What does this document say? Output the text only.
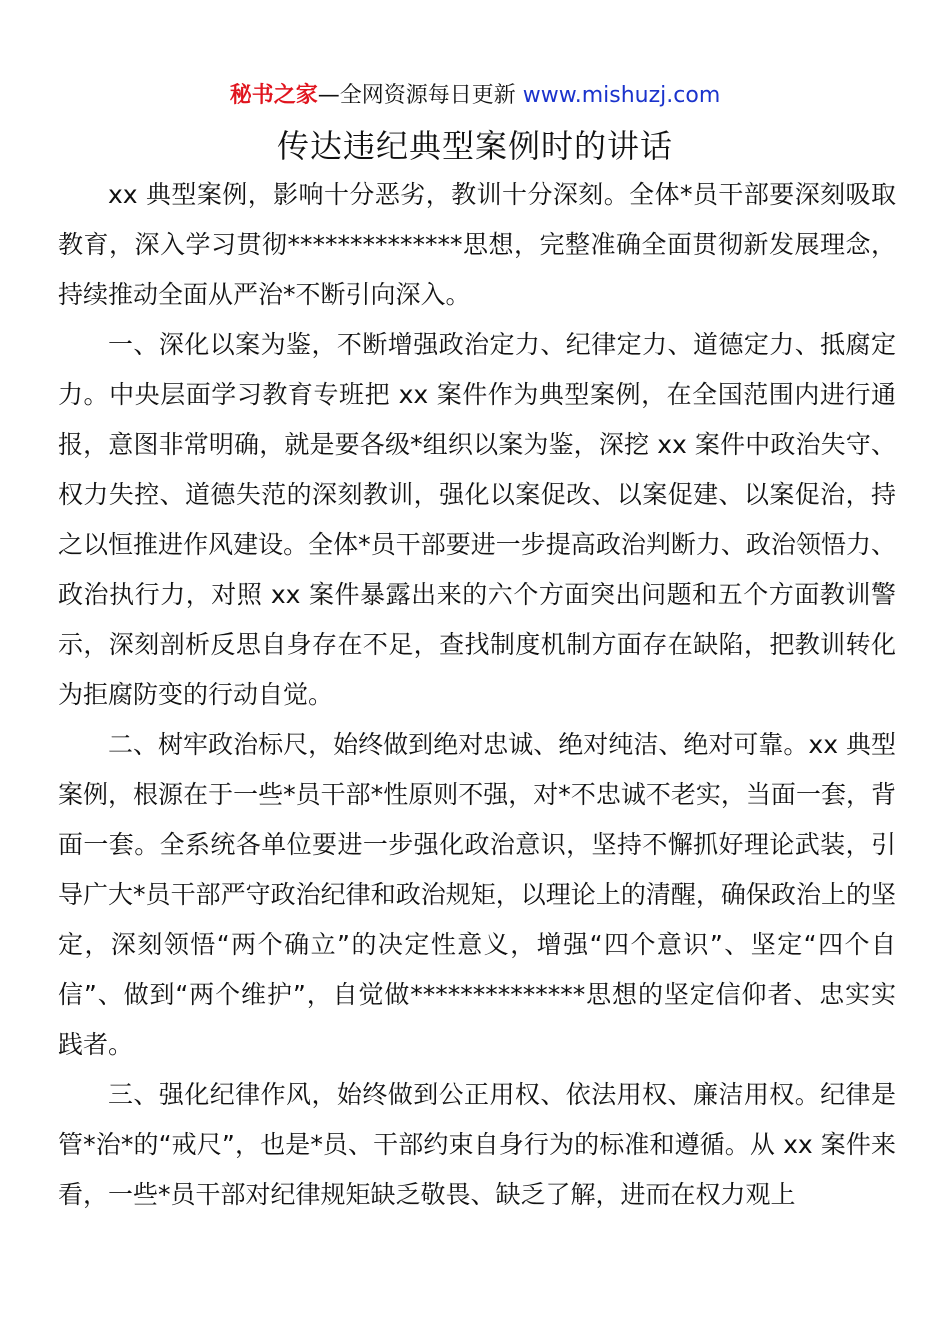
秘书之家—全网资源每日更新 www.mishuzj.com
传达违纪典型案例时的讲话

xx 典型案例，影响十分恶劣，教训十分深刻。全体*员干部要深刻吸取教育，深入学习贯彻**************思想，完整准确全面贯彻新发展理念，持续推动全面从严治*不断引向深入。

一、深化以案为鉴，不断增强政治定力、纪律定力、道德定力、抵腐定力。中央层面学习教育专班把 xx 案件作为典型案例，在全国范围内进行通报，意图非常明确，就是要各级*组织以案为鉴，深挖 xx 案件中政治失守、权力失控、道德失范的深刻教训，强化以案促改、以案促建、以案促治，持之以恒推进作风建设。全体*员干部要进一步提高政治判断力、政治领悟力、政治执行力，对照 xx 案件暴露出来的六个方面突出问题和五个方面教训警示，深刻剖析反思自身存在不足，查找制度机制方面存在缺陷，把教训转化为拒腐防变的行动自觉。

二、树牢政治标尺，始终做到绝对忠诚、绝对纯洁、绝对可靠。xx 典型案例，根源在于一些*员干部*性原则不强，对*不忠诚不老实，当面一套，背面一套。全系统各单位要进一步强化政治意识，坚持不懈抓好理论武装，引导广大*员干部严守政治纪律和政治规矩，以理论上的清醒，确保政治上的坚定，深刻领悟“两个确立”的决定性意义，增强“四个意识”、坚定“四个自信”、做到“两个维护”，自觉做**************思想的坚定信仰者、忠实实践者。

三、强化纪律作风，始终做到公正用权、依法用权、廉洁用权。纪律是管*治*的“戒尺”，也是*员、干部约束自身行为的标准和遵循。从 xx 案件来看，一些*员干部对纪律规矩缺乏敬畏、缺乏了解，进而在权力观上
